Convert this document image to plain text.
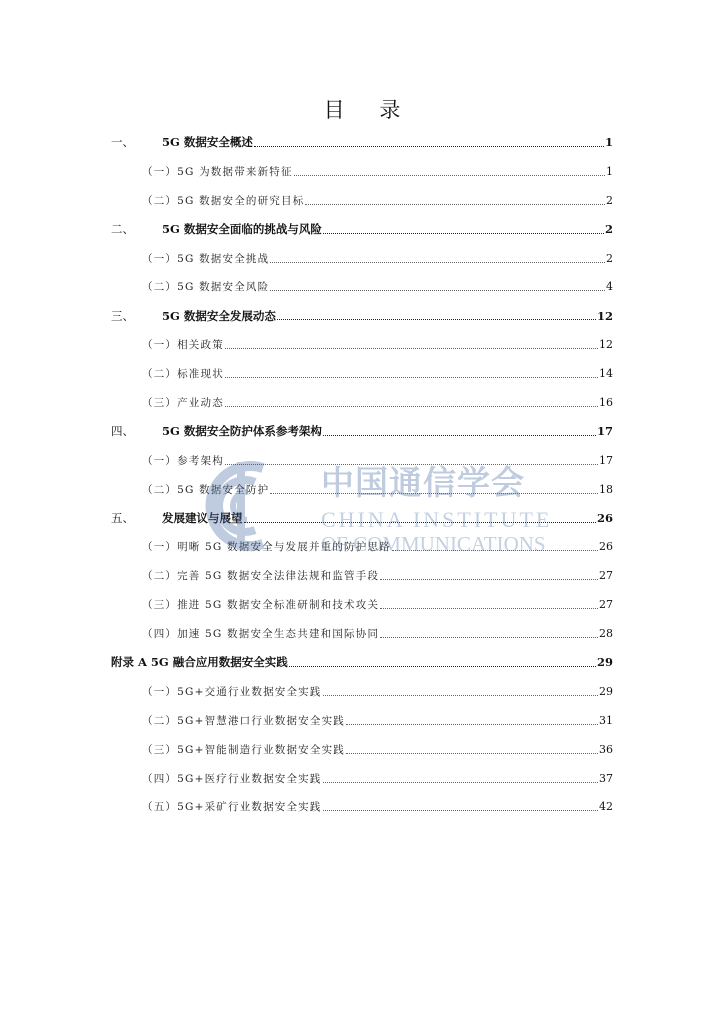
目 录
一、	5G 数据安全概述	1
（一）5G 为数据带来新特征	1
（二）5G 数据安全的研究目标	2
二、	5G 数据安全面临的挑战与风险	2
（一）5G 数据安全挑战	2
（二）5G 数据安全风险	4
三、	5G 数据安全发展动态	12
（一）相关政策	12
（二）标准现状	14
（三）产业动态	16
四、	5G 数据安全防护体系参考架构	17
（一）参考架构	17
（二）5G 数据安全防护	18
五、	发展建议与展望	26
（一）明晰 5G 数据安全与发展并重的防护思路	26
（二）完善 5G 数据安全法律法规和监管手段	27
（三）推进 5G 数据安全标准研制和技术攻关	27
（四）加速 5G 数据安全生态共建和国际协同	28
附录 A 5G 融合应用数据安全实践	29
（一）5G+交通行业数据安全实践	29
（二）5G+智慧港口行业数据安全实践	31
（三）5G+智能制造行业数据安全实践	36
（四）5G+医疗行业数据安全实践	37
（五）5G+采矿行业数据安全实践	42
中国通信学会
CHINA INSTITUTE
OF COMMUNICATIONS
